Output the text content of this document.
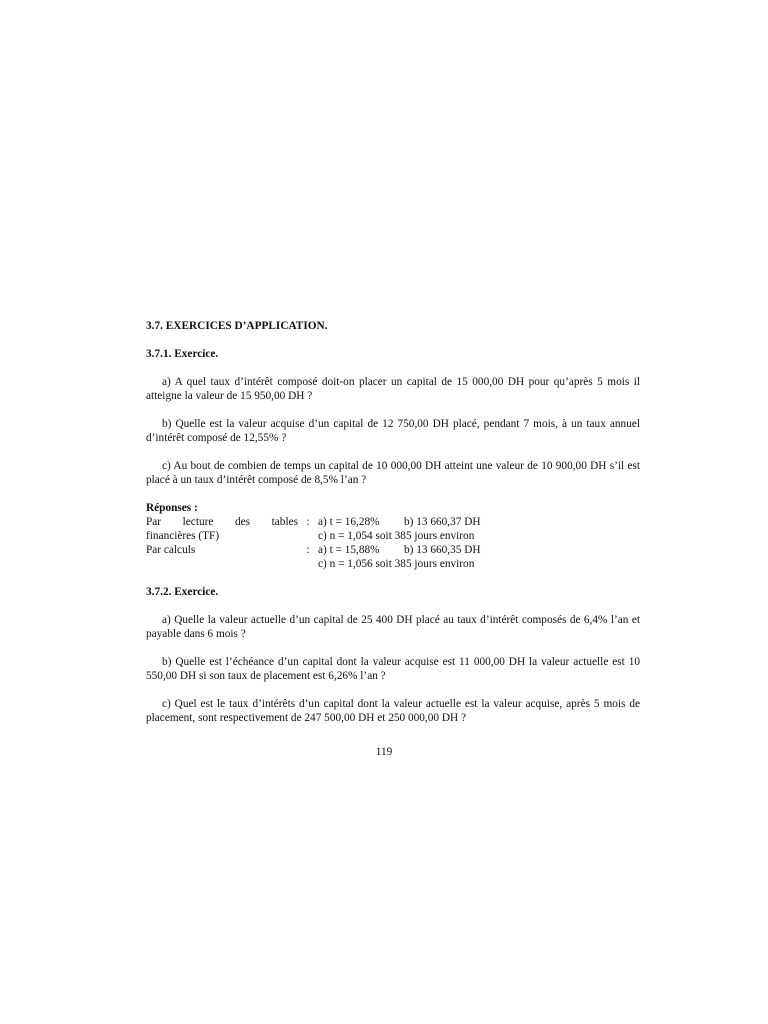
3.7. EXERCICES D’APPLICATION.
3.7.1. Exercice.

a) A quel taux d’intérêt composé doit-on placer un capital de 15 000,00 DH pour qu’après 5 mois il atteigne la valeur de 15 950,00 DH ?

b) Quelle est la valeur acquise d’un capital de 12 750,00 DH placé, pendant 7 mois, à un taux annuel d’intérêt composé de 12,55% ?

c) Au bout de combien de temps un capital de 10 000,00 DH atteint une valeur de 10 900,00 DH s’il est placé à un taux d’intérêt composé de 8,5% l’an ?

Réponses :
Par lecture des tables : a) t = 16,28%	b) 13 660,37 DH
financières (TF)	c) n = 1,054 soit 385 jours environ
Par calculs	: a) t = 15,88%	b) 13 660,35 DH
c) n = 1,056 soit 385 jours environ
3.7.2. Exercice.

a) Quelle la valeur actuelle d’un capital de 25 400 DH placé au taux d’intérêt composés de 6,4% l’an et payable dans 6 mois ?

b) Quelle est l’échéance d’un capital dont la valeur acquise est 11 000,00 DH la valeur actuelle est 10 550,00 DH si son taux de placement est 6,26% l’an ?

c) Quel est le taux d’intérêts d’un capital dont la valeur actuelle est la valeur acquise, après 5 mois de placement, sont respectivement de 247 500,00 DH et 250 000,00 DH ?

119
